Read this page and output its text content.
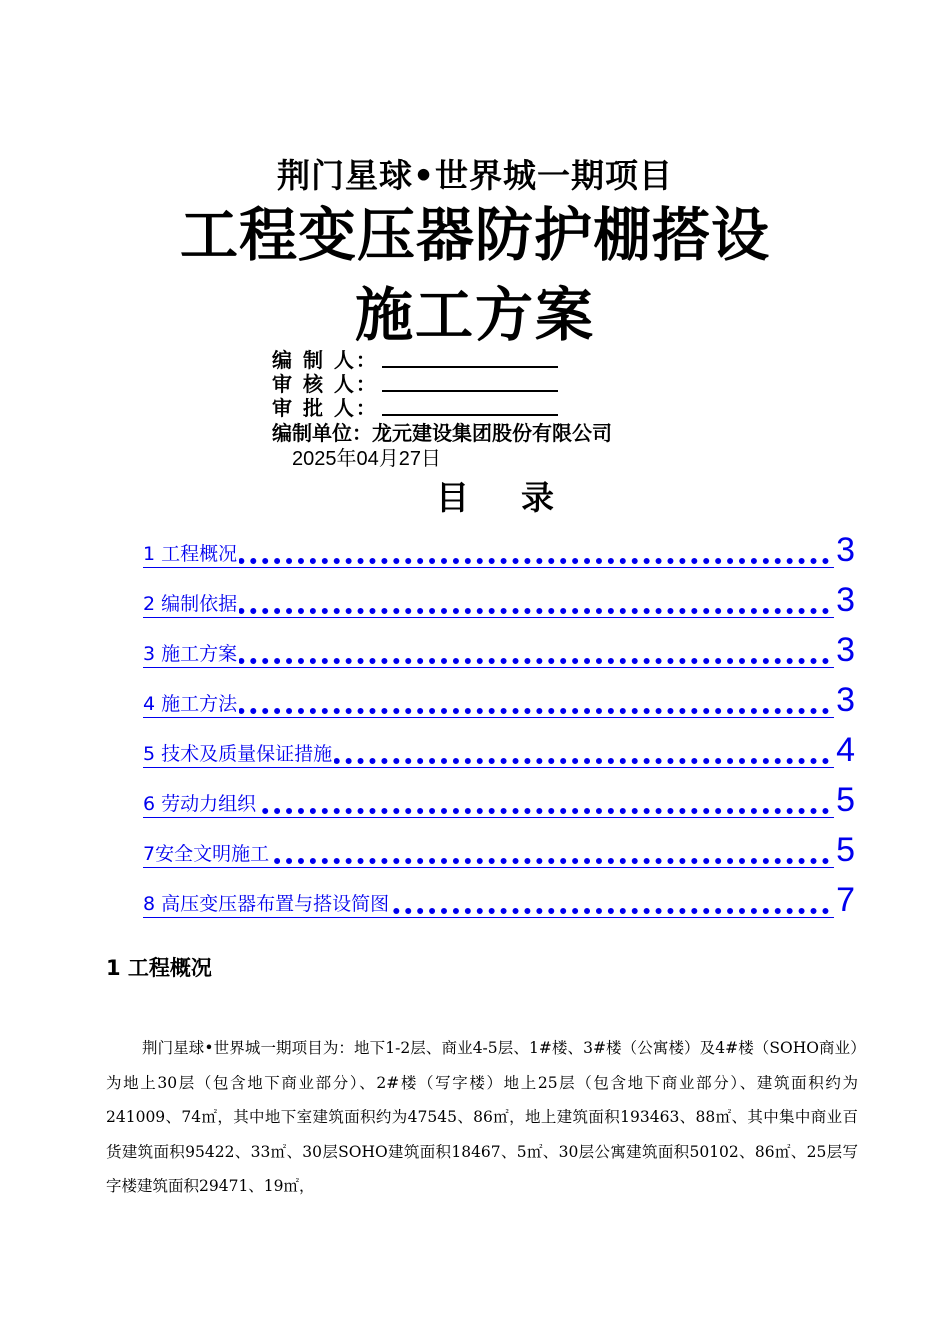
荆门星球•世界城一期项目
工程变压器防护棚搭设
施工方案
编 制 人：
审 核 人：
审 批 人：
编制单位：龙元建设集团股份有限公司
2025年04月27日
目 录
1 工程概况	3
2 编制依据	3
3 施工方案	3
4 施工方法	3
5 技术及质量保证措施	4
6 劳动力组织	5
7安全文明施工	5
8 高压变压器布置与搭设简图	7
1 工程概况
荆门星球•世界城一期项目为：地下1-2层、商业4-5层、1#楼、3#楼（公寓楼）及4#楼（SOHO商业）为地上30层（包含地下商业部分）、2#楼（写字楼）地上25层（包含地下商业部分）、建筑面积约为241009、74㎡，其中地下室建筑面积约为47545、86㎡，地上建筑面积193463、88㎡、其中集中商业百货建筑面积95422、33㎡、30层SOHO建筑面积18467、5㎡、30层公寓建筑面积50102、86㎡、25层写字楼建筑面积29471、19㎡，
